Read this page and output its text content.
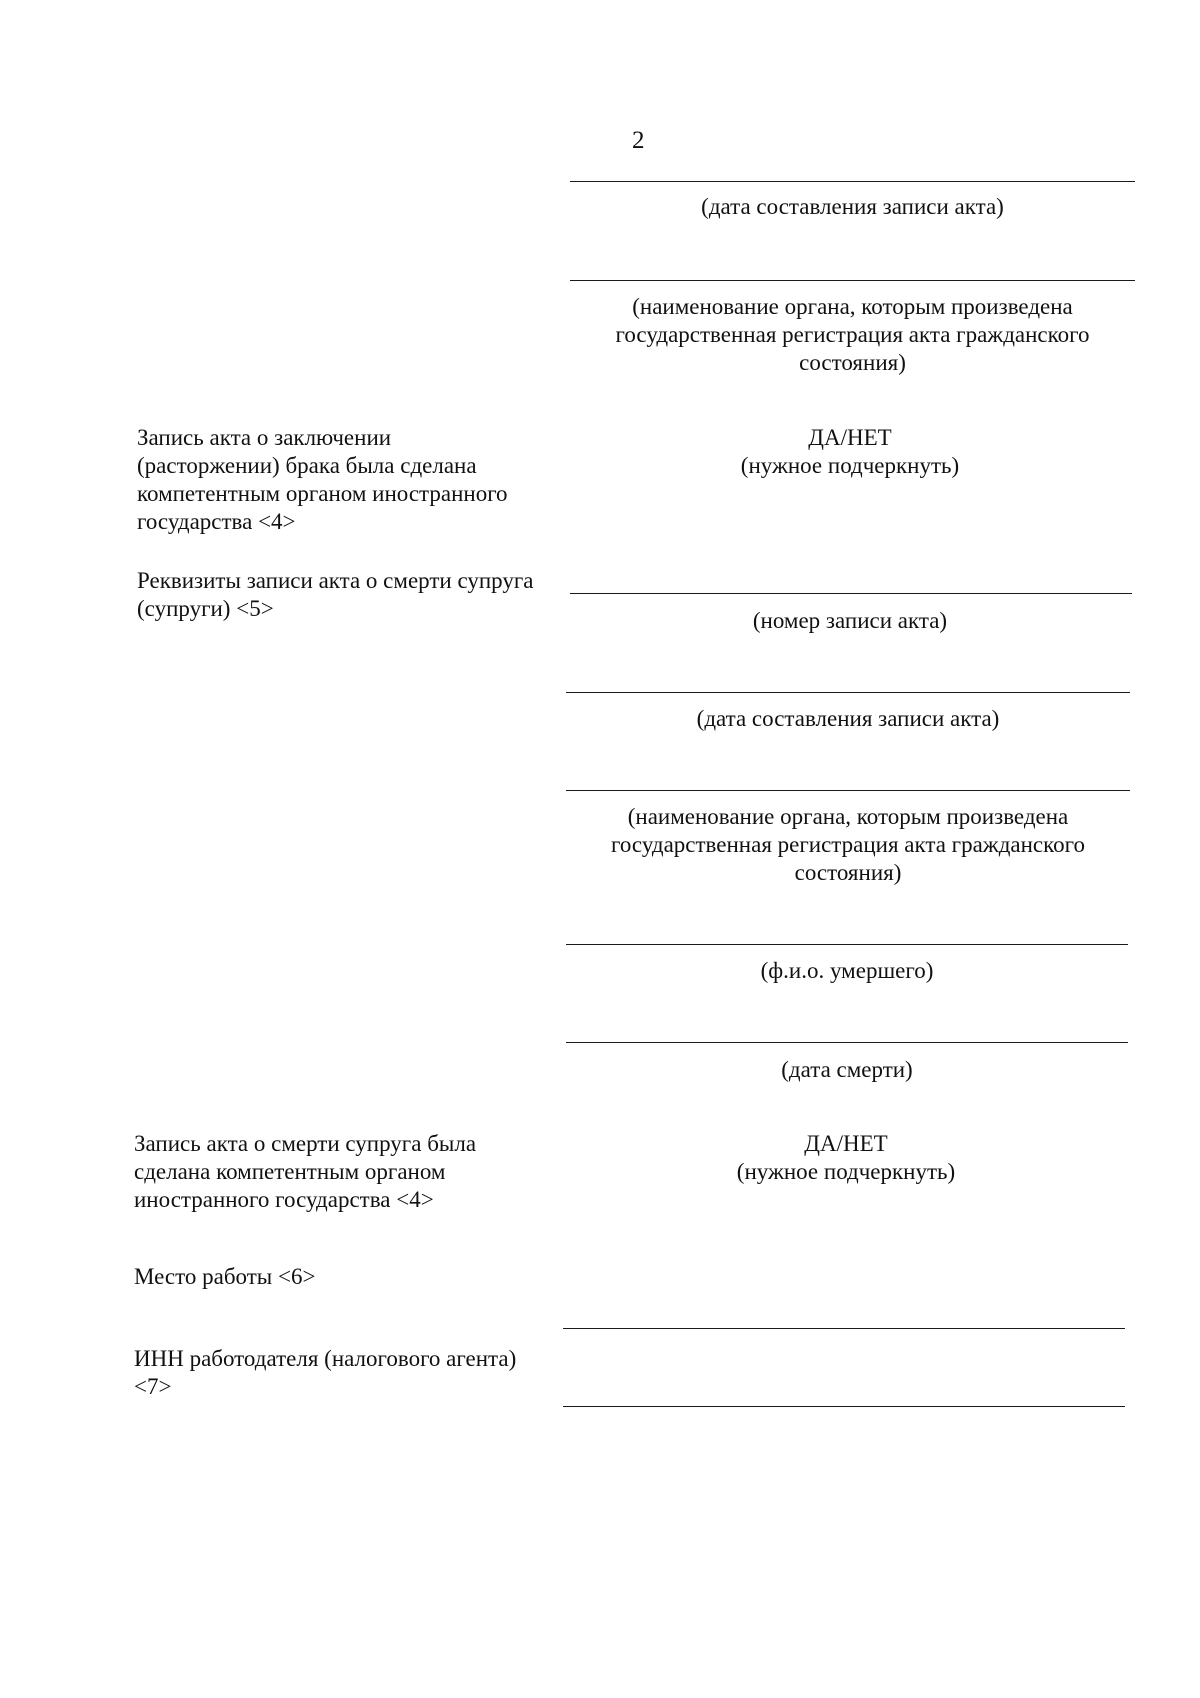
2
(дата составления записи акта)
(наименование органа, которым произведена
государственная регистрация акта гражданского
состояния)
Запись акта о заключении
(расторжении) брака была сделана
компетентным органом иностранного
государства <4>
ДА/НЕТ
(нужное подчеркнуть)
Реквизиты записи акта о смерти супруга
(супруги) <5>	(номер записи акта)
(дата составления записи акта)
(наименование органа, которым произведена
государственная регистрация акта гражданского
состояния)
(ф.и.о. умершего)
(дата смерти)
Запись акта о смерти супруга была
сделана компетентным органом
иностранного государства <4>
ДА/НЕТ
(нужное подчеркнуть)
Место работы <6>
ИНН работодателя (налогового агента)
<7>
